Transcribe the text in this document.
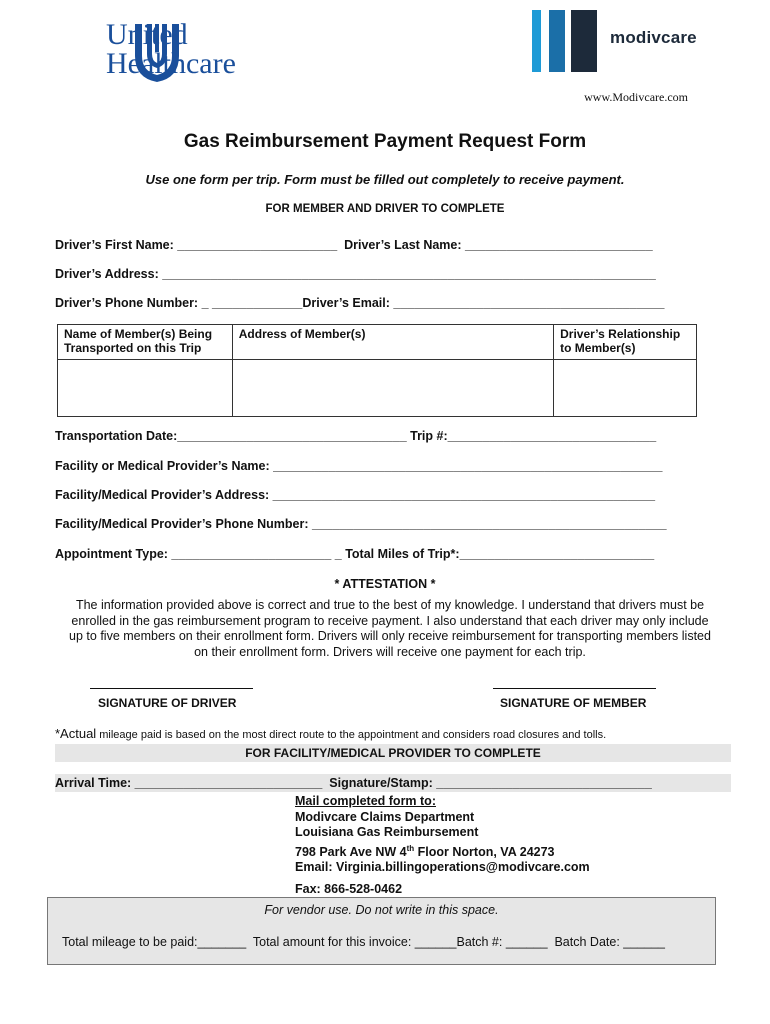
United
Healthcare
modivcare
www.Modivcare.com
Gas Reimbursement Payment Request Form
Use one form per trip. Form must be filled out completely to receive payment.
FOR MEMBER AND DRIVER TO COMPLETE
Driver’s First Name: _______________________  Driver’s Last Name: ___________________________
Driver’s Address: _______________________________________________________________________
Driver’s Phone Number: _ _____________Driver’s Email: _______________________________________
Name of Member(s) Being Transported on this Trip	Address of Member(s)	Driver’s Relationship to Member(s)

Transportation Date:_________________________________ Trip #:______________________________
Facility or Medical Provider’s Name: ________________________________________________________
Facility/Medical Provider’s Address: _______________________________________________________
Facility/Medical Provider’s Phone Number: ___________________________________________________
Appointment Type: _______________________ _ Total Miles of Trip*:____________________________
* ATTESTATION *
The information provided above is correct and true to the best of my knowledge. I understand that drivers must be enrolled in the gas reimbursement program to receive payment. I also understand that each driver may only include up to five members on their enrollment form. Drivers will only receive reimbursement for transporting members listed on their enrollment form. Drivers will receive one payment for each trip.
SIGNATURE OF DRIVER	SIGNATURE OF MEMBER
*Actual mileage paid is based on the most direct route to the appointment and considers road closures and tolls.
FOR FACILITY/MEDICAL PROVIDER TO COMPLETE
Arrival Time: ___________________________  Signature/Stamp: _______________________________
Mail completed form to:
Modivcare Claims Department
Louisiana Gas Reimbursement
798 Park Ave NW 4th Floor Norton, VA 24273
Email: Virginia.billingoperations@modivcare.com
Fax: 866-528-0462
For vendor use. Do not write in this space.
Total mileage to be paid:_______  Total amount for this invoice: ______Batch #: ______  Batch Date: ______
